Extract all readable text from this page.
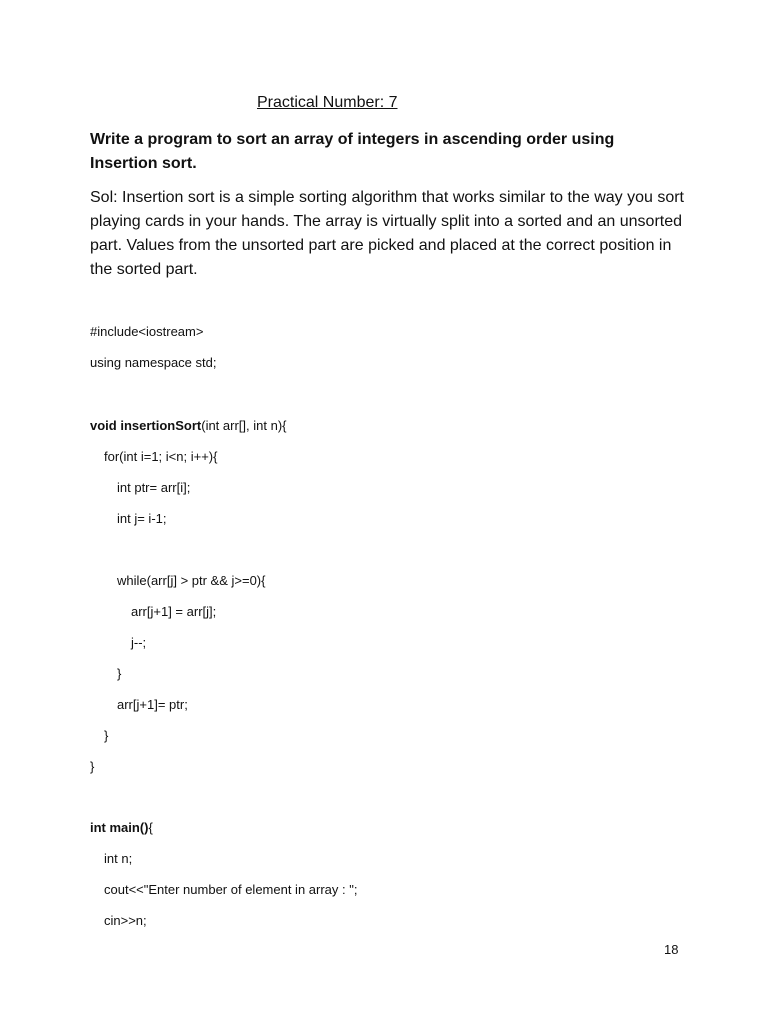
Practical Number: 7
Write a program to sort an array of integers in ascending order using Insertion sort.
Sol: Insertion sort is a simple sorting algorithm that works similar to the way you sort playing cards in your hands. The array is virtually split into a sorted and an unsorted part. Values from the unsorted part are picked and placed at the correct position in the sorted part.
#include<iostream>
using namespace std;
void insertionSort(int arr[], int n){
for(int i=1; i<n; i++){
int ptr= arr[i];
int j= i-1;
while(arr[j] > ptr && j>=0){
arr[j+1] = arr[j];
j--;
}
arr[j+1]= ptr;
}
}
int main(){
int n;
cout<<"Enter number of element in array : ";
cin>>n;
18
